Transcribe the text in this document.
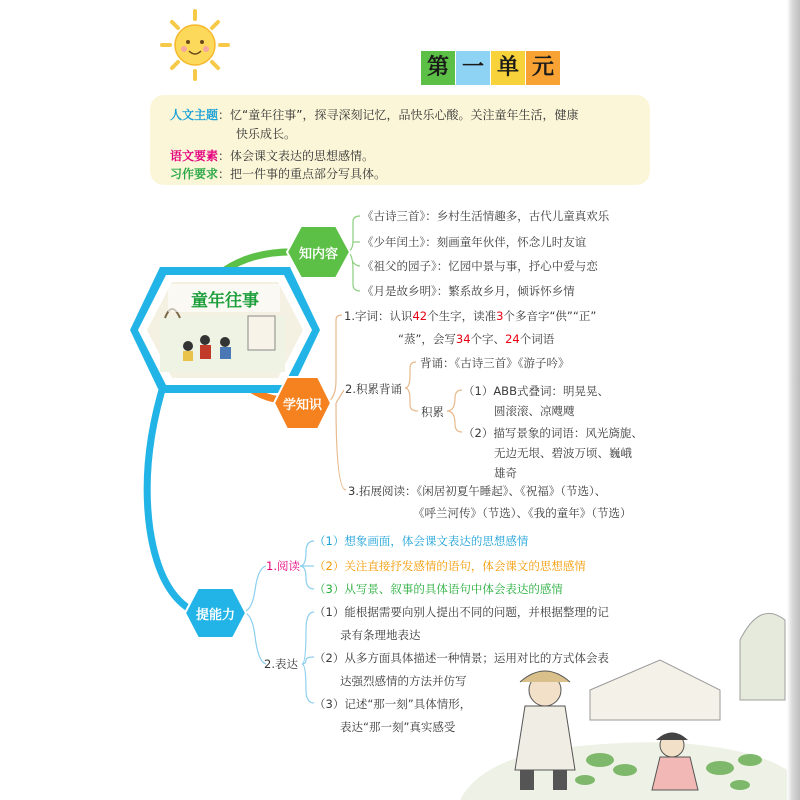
第 一 单 元
人文主题：忆“童年往事”，探寻深刻记忆，品快乐心酸。关注童年生活，健康
快乐成长。
语文要素：体会课文表达的思想感情。
习作要求：把一件事的重点部分写具体。
童年往事
知内容
学知识
提能力
《古诗三首》：乡村生活情趣多，古代儿童真欢乐
《少年闰土》：刻画童年伙伴，怀念儿时友谊
《祖父的园子》：忆园中景与事，抒心中爱与恋
《月是故乡明》：繁系故乡月，倾诉怀乡情
1.字词：认识42个生字，读准3个多音字“供”“正”
“蒸”，会写34个字、24个词语
2.积累背诵
背诵：《古诗三首》《游子吟》
积累
（1）ABB式叠词：明晃晃、
圆滚滚、凉飕飕
（2）描写景象的词语：风光旖旎、
无边无垠、碧波万顷、巍峨
雄奇
3.拓展阅读：《闲居初夏午睡起》、《祝福》（节选）、
《呼兰河传》（节选）、《我的童年》（节选）
1.阅读
（1）想象画面，体会课文表达的思想感情
（2）关注直接抒发感情的语句，体会课文的思想感情
（3）从写景、叙事的具体语句中体会表达的感情
2.表达
（1）能根据需要向别人提出不同的问题，并根据整理的记
录有条理地表达
（2）从多方面具体描述一种情景；运用对比的方式体会表
达强烈感情的方法并仿写
（3）记述“那一刻”具体情形，
表达“那一刻”真实感受
